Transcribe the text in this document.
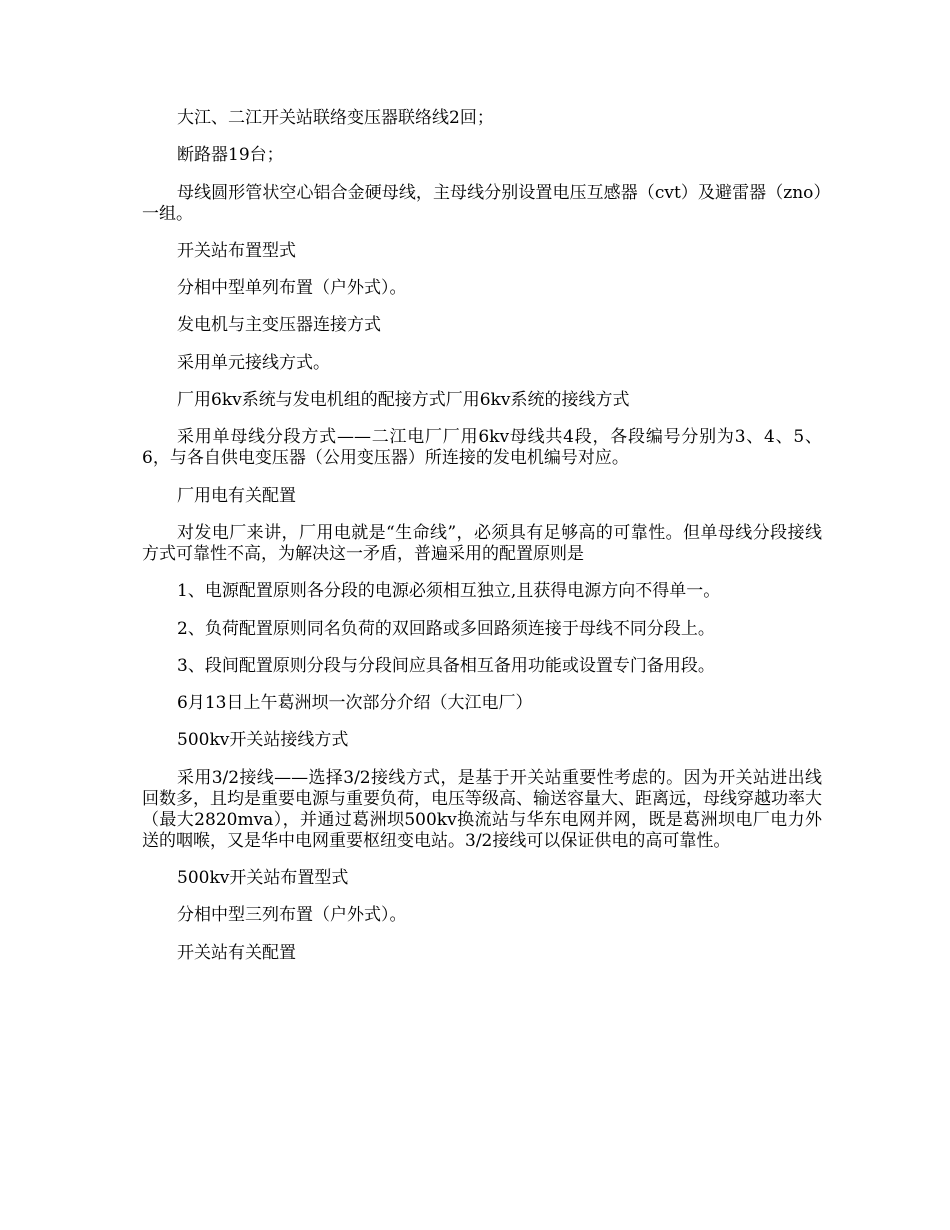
大江、二江开关站联络变压器联络线2回；

断路器19台；

母线圆形管状空心铝合金硬母线，主母线分别设置电压互感器（cvt）及避雷器（zno）一组。

开关站布置型式

分相中型单列布置（户外式）。

发电机与主变压器连接方式

采用单元接线方式。

厂用6kv系统与发电机组的配接方式厂用6kv系统的接线方式

采用单母线分段方式——二江电厂厂用6kv母线共4段，各段编号分别为3、4、5、6，与各自供电变压器（公用变压器）所连接的发电机编号对应。

厂用电有关配置

对发电厂来讲，厂用电就是“生命线”，必须具有足够高的可靠性。但单母线分段接线方式可靠性不高，为解决这一矛盾，普遍采用的配置原则是

1、电源配置原则各分段的电源必须相互独立,且获得电源方向不得单一。

2、负荷配置原则同名负荷的双回路或多回路须连接于母线不同分段上。

3、段间配置原则分段与分段间应具备相互备用功能或设置专门备用段。

6月13日上午葛洲坝一次部分介绍（大江电厂）

500kv开关站接线方式

采用3/2接线——选择3/2接线方式，是基于开关站重要性考虑的。因为开关站进出线回数多，且均是重要电源与重要负荷，电压等级高、输送容量大、距离远，母线穿越功率大（最大2820mva），并通过葛洲坝500kv换流站与华东电网并网，既是葛洲坝电厂电力外送的咽喉，又是华中电网重要枢纽变电站。3/2接线可以保证供电的高可靠性。

500kv开关站布置型式

分相中型三列布置（户外式）。

开关站有关配置
